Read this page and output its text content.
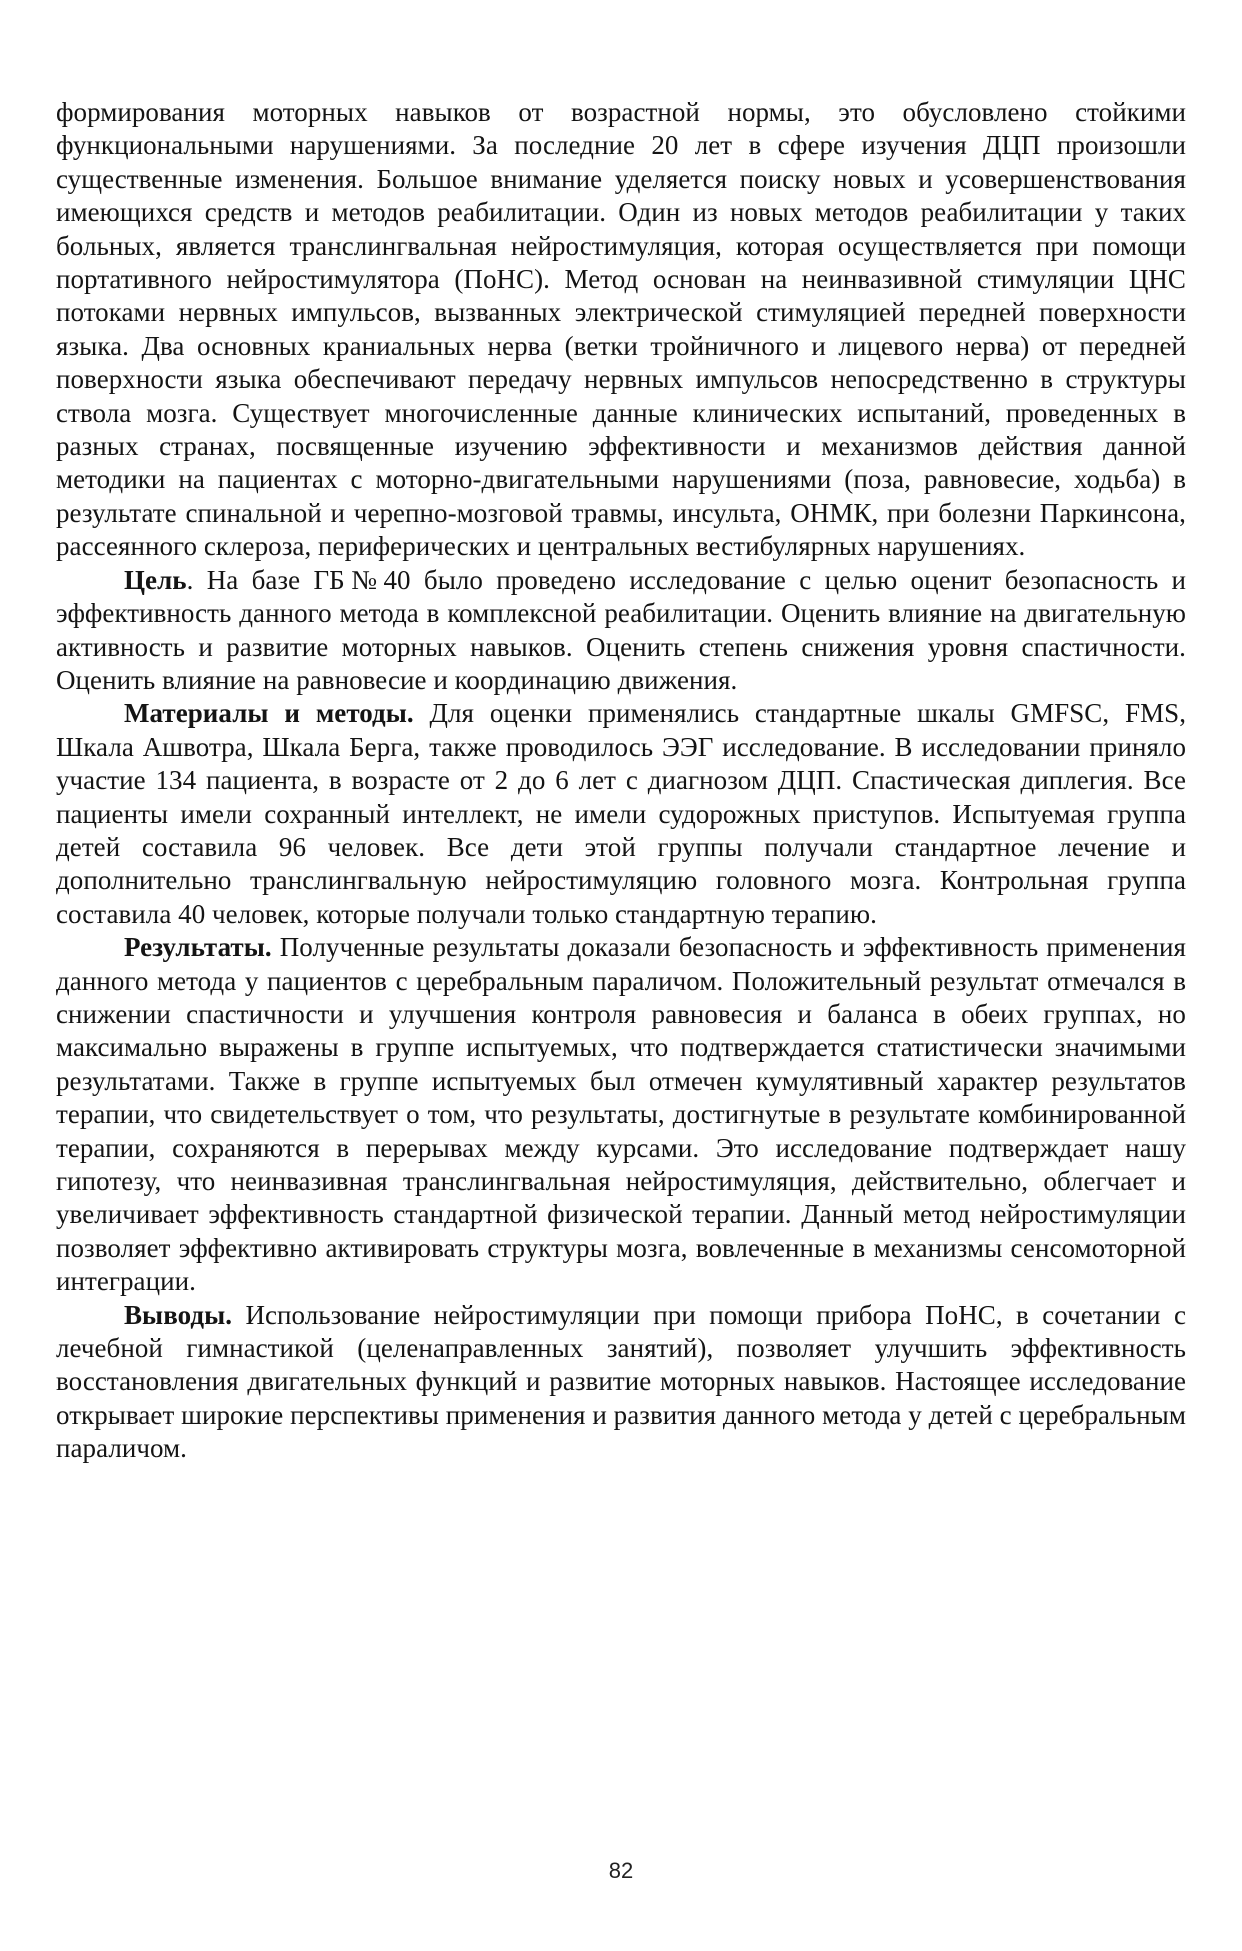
формирования моторных навыков от возрастной нормы, это обусловлено стойкими функциональными нарушениями. За последние 20 лет в сфере изучения ДЦП произошли существенные изменения. Большое внимание уделяется поиску новых и усовершенствования имеющихся средств и методов реабилитации. Один из новых методов реабилитации у таких больных, является транслингвальная нейростимуляция, которая осуществляется при помощи портативного нейростимулятора (ПоНС). Метод основан на неинвазивной стимуляции ЦНС потоками нервных импульсов, вызванных электрической стимуляцией передней поверхности языка. Два основных краниальных нерва (ветки тройничного и лицевого нерва) от передней поверхности языка обеспечивают передачу нервных импульсов непосредственно в структуры ствола мозга. Существует многочисленные данные клинических испытаний, проведенных в разных странах, посвященные изучению эффективности и механизмов действия данной методики на пациентах с моторно-двигательными нарушениями (поза, равновесие, ходьба) в результате спинальной и черепно-мозговой травмы, инсульта, ОНМК, при болезни Паркинсона, рассеянного склероза, периферических и центральных вестибулярных нарушениях.

Цель. На базе ГБ№40 было проведено исследование с целью оценит безопасность и эффективность данного метода в комплексной реабилитации. Оценить влияние на двигательную активность и развитие моторных навыков. Оценить степень снижения уровня спастичности. Оценить влияние на равновесие и координацию движения.

Материалы и методы. Для оценки применялись стандартные шкалы GMFSC, FMS, Шкала Ашвотра, Шкала Берга, также проводилось ЭЭГ исследование. В исследовании приняло участие 134 пациента, в возрасте от 2 до 6 лет с диагнозом ДЦП. Спастическая диплегия. Все пациенты имели сохранный интеллект, не имели судорожных приступов. Испытуемая группа детей составила 96 человек. Все дети этой группы получали стандартное лечение и дополнительно транслингвальную нейростимуляцию головного мозга. Контрольная группа составила 40 человек, которые получали только стандартную терапию.

Результаты. Полученные результаты доказали безопасность и эффективность применения данного метода у пациентов с церебральным параличом. Положительный результат отмечался в снижении спастичности и улучшения контроля равновесия и баланса в обеих группах, но максимально выражены в группе испытуемых, что подтверждается статистически значимыми результатами. Также в группе испытуемых был отмечен кумулятивный характер результатов терапии, что свидетельствует о том, что результаты, достигнутые в результате комбинированной терапии, сохраняются в перерывах между курсами. Это исследование подтверждает нашу гипотезу, что неинвазивная транслингвальная нейростимуляция, действительно, облегчает и увеличивает эффективность стандартной физической терапии. Данный метод нейростимуляции позволяет эффективно активировать структуры мозга, вовлеченные в механизмы сенсомоторной интеграции.

Выводы. Использование нейростимуляции при помощи прибора ПоНС, в сочетании с лечебной гимнастикой (целенаправленных занятий), позволяет улучшить эффективность восстановления двигательных функций и развитие моторных навыков. Настоящее исследование открывает широкие перспективы применения и развития данного метода у детей с церебральным параличом.

82
